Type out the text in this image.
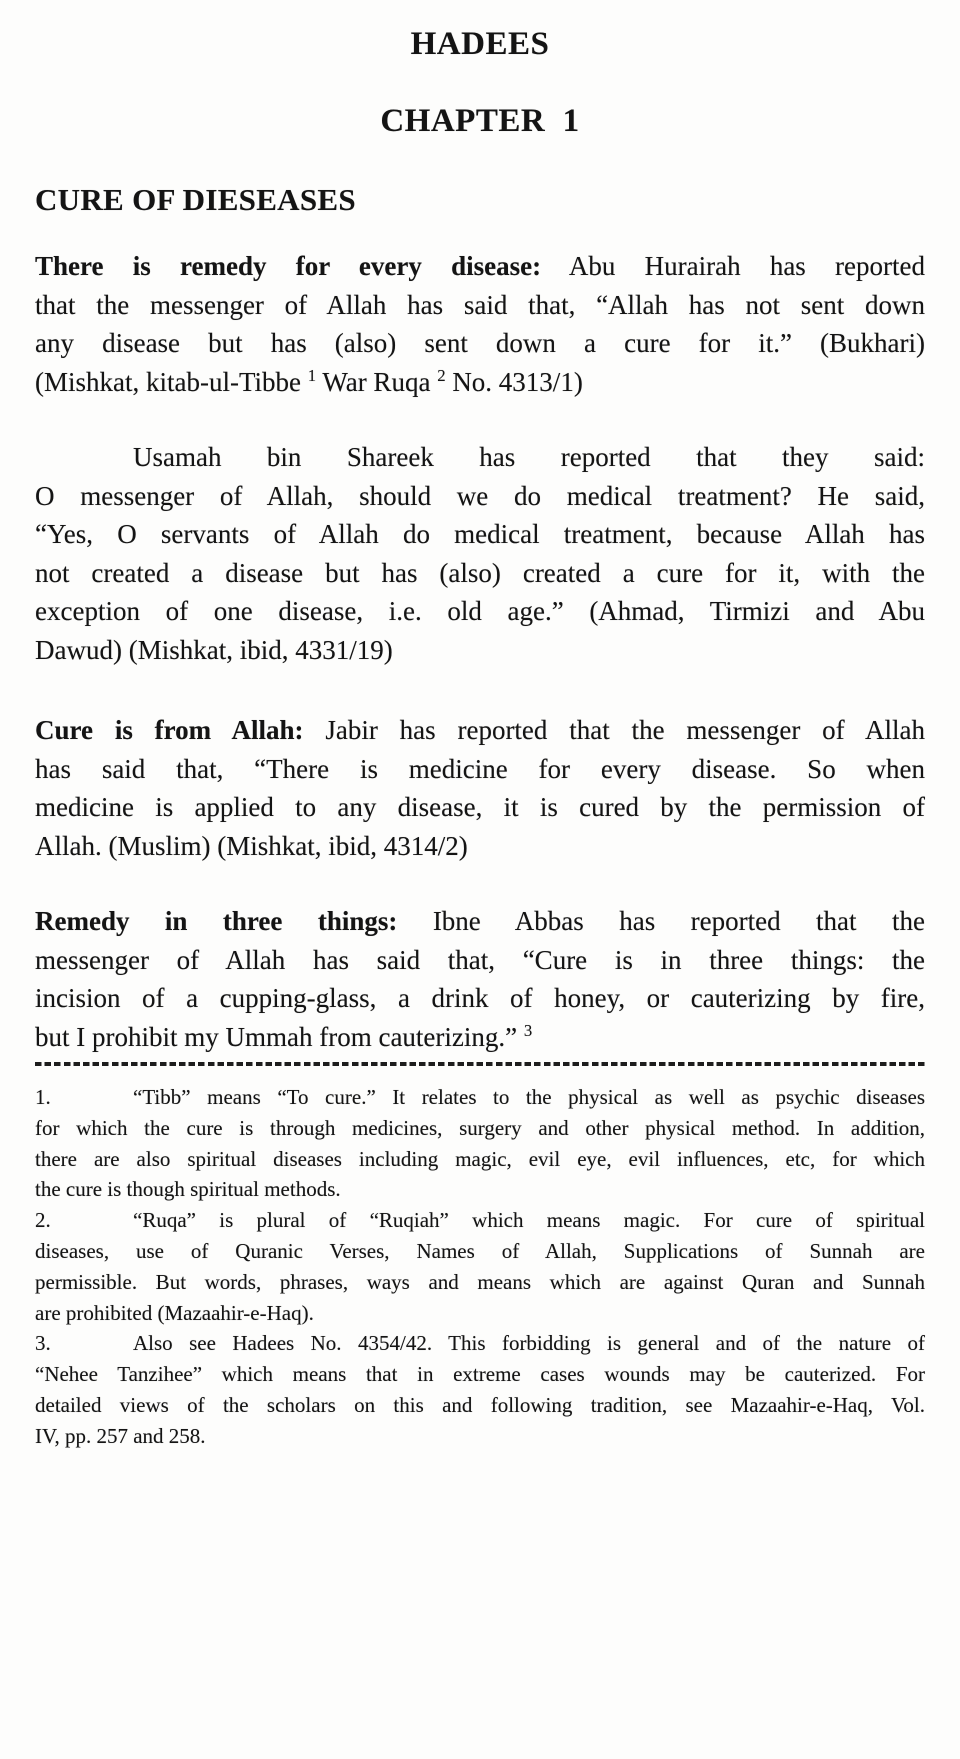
HADEES
CHAPTER  1
CURE OF DIESEASES
There is remedy for every disease: Abu Hurairah has reported
that the messenger of Allah has said that, “Allah has not sent down
any disease but has (also) sent down a cure for it.” (Bukhari)
(Mishkat, kitab-ul-Tibbe $^1$ War Ruqa $^2$ No. 4313/1)
Usamah bin Shareek has reported that they said:
O messenger of Allah, should we do medical treatment? He said,
“Yes, O servants of Allah do medical treatment, because Allah has
not created a disease but has (also) created a cure for it, with the
exception of one disease, i.e. old age.” (Ahmad, Tirmizi and Abu
Dawud) (Mishkat, ibid, 4331/19)
Cure is from Allah: Jabir has reported that the messenger of Allah
has said that, “There is medicine for every disease. So when
medicine is applied to any disease, it is cured by the permission of
Allah. (Muslim) (Mishkat, ibid, 4314/2)
Remedy in three things: Ibne Abbas has reported that the
messenger of Allah has said that, “Cure is in three things: the
incision of a cupping-glass, a drink of honey, or cauterizing by fire,
but I prohibit my Ummah from cauterizing.” $^3$
1.	“Tibb” means “To cure.” It relates to the physical as well as psychic diseases
for which the cure is through medicines, surgery and other physical method. In addition,
there are also spiritual diseases including magic, evil eye, evil influences, etc, for which
the cure is though spiritual methods.
2.	“Ruqa” is plural of “Ruqiah” which means magic. For cure of spiritual
diseases, use of Quranic Verses, Names of Allah, Supplications of Sunnah are
permissible. But words, phrases, ways and means which are against Quran and Sunnah
are prohibited (Mazaahir-e-Haq).
3.	Also see Hadees No. 4354/42. This forbidding is general and of the nature of
“Nehee Tanzihee” which means that in extreme cases wounds may be cauterized. For
detailed views of the scholars on this and following tradition, see Mazaahir-e-Haq, Vol.
IV, pp. 257 and 258.
